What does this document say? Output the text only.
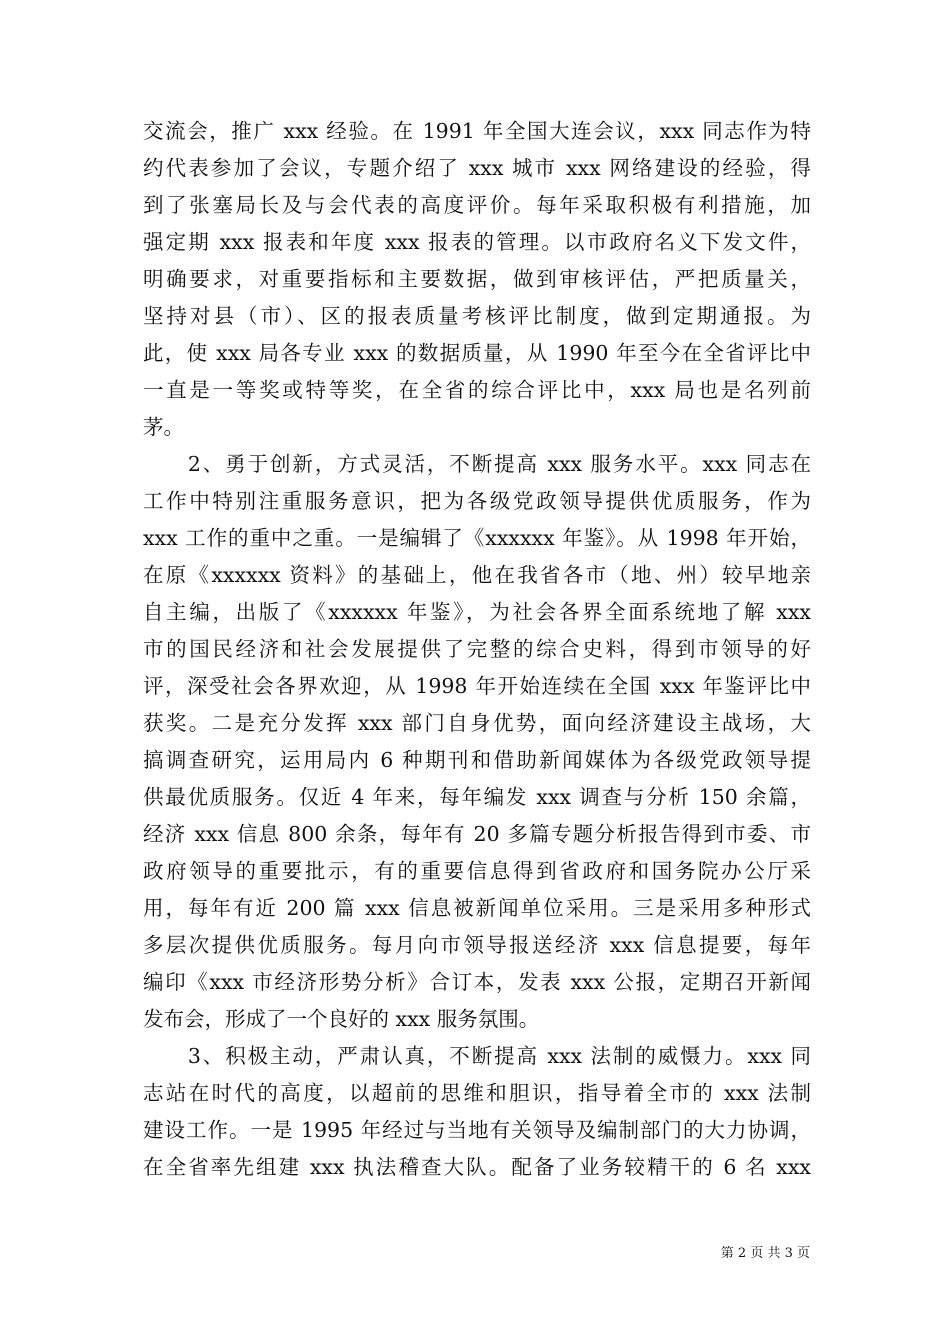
交流会，推广 xxx 经验。在 1991 年全国大连会议，xxx 同志作为特
约代表参加了会议，专题介绍了 xxx 城市 xxx 网络建设的经验，得
到了张塞局长及与会代表的高度评价。每年采取积极有利措施，加
强定期 xxx 报表和年度 xxx 报表的管理。以市政府名义下发文件，
明确要求，对重要指标和主要数据，做到审核评估，严把质量关，
坚持对县（市）、区的报表质量考核评比制度，做到定期通报。为
此，使 xxx 局各专业 xxx 的数据质量，从 1990 年至今在全省评比中
一直是一等奖或特等奖，在全省的综合评比中，xxx 局也是名列前
茅。
　　2、勇于创新，方式灵活，不断提高 xxx 服务水平。xxx 同志在
工作中特别注重服务意识，把为各级党政领导提供优质服务，作为
xxx 工作的重中之重。一是编辑了《xxxxxx 年鉴》。从 1998 年开始，
在原《xxxxxx 资料》的基础上，他在我省各市（地、州）较早地亲
自主编，出版了《xxxxxx 年鉴》，为社会各界全面系统地了解 xxx
市的国民经济和社会发展提供了完整的综合史料，得到市领导的好
评，深受社会各界欢迎，从 1998 年开始连续在全国 xxx 年鉴评比中
获奖。二是充分发挥 xxx 部门自身优势，面向经济建设主战场，大
搞调查研究，运用局内 6 种期刊和借助新闻媒体为各级党政领导提
供最优质服务。仅近 4 年来，每年编发 xxx 调查与分析 150 余篇，
经济 xxx 信息 800 余条，每年有 20 多篇专题分析报告得到市委、市
政府领导的重要批示，有的重要信息得到省政府和国务院办公厅采
用，每年有近 200 篇 xxx 信息被新闻单位采用。三是采用多种形式
多层次提供优质服务。每月向市领导报送经济 xxx 信息提要，每年
编印《xxx 市经济形势分析》合订本，发表 xxx 公报，定期召开新闻
发布会，形成了一个良好的 xxx 服务氛围。
　　3、积极主动，严肃认真，不断提高 xxx 法制的威慑力。xxx 同
志站在时代的高度，以超前的思维和胆识，指导着全市的 xxx 法制
建设工作。一是 1995 年经过与当地有关领导及编制部门的大力协调，
在全省率先组建 xxx 执法稽查大队。配备了业务较精干的 6 名 xxx
第 2 页 共 3 页
